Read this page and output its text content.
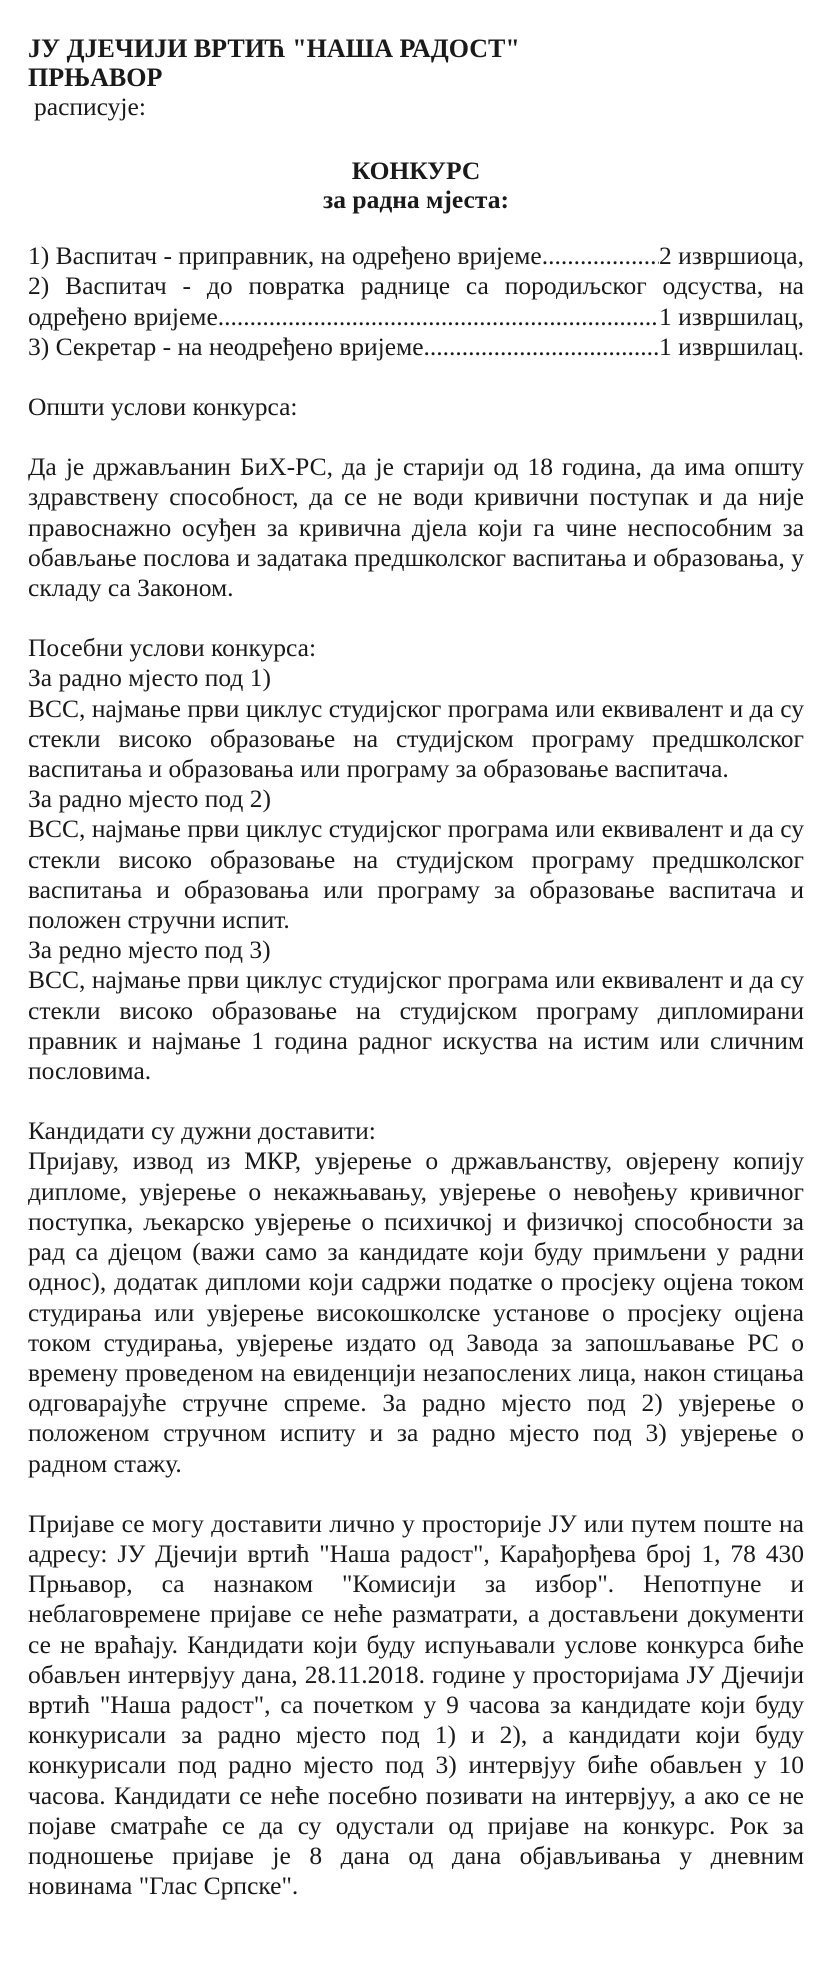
ЈУ ДЈЕЧИЈИ ВРТИЋ "НАША РАДОСТ"
ПРЊАВОР
расписује:
КОНКУРС
за радна мјеста:
1) Васпитач - приправник, на одређено вријеме .....	2 извршиоца,
2) Васпитач - до повратка раднице са породиљског одсуства, на
одређено вријеме .....	1 извршилац,
3) Секретар - на неодређено вријеме .....	1 извршилац.
Општи услови конкурса:

Да је држављанин БиХ-РС, да је старији од 18 година, да има општу здравствену способност, да се не води кривични поступак и да није правоснажно осуђен за кривична дјела који га чине неспособним за обављање послова и задатака предшколског васпитања и образовања, у складу са Законом.

Посебни услови конкурса:
За радно мјесто под 1)

ВСС, најмање први циклус студијског програма или еквивалент и да су стекли високо образовање на студијском програму предшколског васпитања и образовања или програму за образовање васпитача.

За радно мјесто под 2)

ВСС, најмање први циклус студијског програма или еквивалент и да су стекли високо образовање на студијском програму предшколског васпитања и образовања или програму за образовање васпитача и положен стручни испит.

За редно мјесто под 3)

ВСС, најмање први циклус студијског програма или еквивалент и да су стекли високо образовање на студијском програму дипломирани правник и најмање 1 година радног искуства на истим или сличним пословима.

Кандидати су дужни доставити:

Пријаву, извод из МКР, увјерење о држављанству, овјерену копију дипломе, увјерење о некажњавању, увјерење о невођењу кривичног поступка, љекарско увјерење о психичкој и физичкој способности за рад са дјецом (важи само за кандидате који буду примљени у радни однос), додатак дипломи који садржи податке о просјеку оцјена током студирања или увјерење високошколске установе о просјеку оцјена током студирања, увјерење издато од Завода за запошљавање РС о времену проведеном на евиденцији незапослених лица, након стицања одговарајуће стручне спреме. За радно мјесто под 2) увјерење о положеном стручном испиту и за радно мјесто под 3) увјерење о радном стажу.

Пријаве се могу доставити лично у просторије ЈУ или путем поште на адресу: ЈУ Дјечији вртић "Наша радост", Карађорђева број 1, 78 430 Прњавор, са назнаком "Комисији за избор". Непотпуне и неблаговремене пријаве се неће разматрати, а достављени документи се не враћају. Кандидати који буду испуњавали услове конкурса биће обављен интервјуу дана, 28.11.2018. године у просторијама ЈУ Дјечији вртић "Наша радост", са почетком у 9 часова за кандидате који буду конкурисали за радно мјесто под 1) и 2), а кандидати који буду конкурисали под радно мјесто под 3) интервјуу биће обављен у 10 часова. Кандидати се неће посебно позивати на интервјуу, а ако се не појаве сматраће се да су одустали од пријаве на конкурс. Рок за подношење пријаве је 8 дана од дана објављивања у дневним новинама "Глас Српске".
